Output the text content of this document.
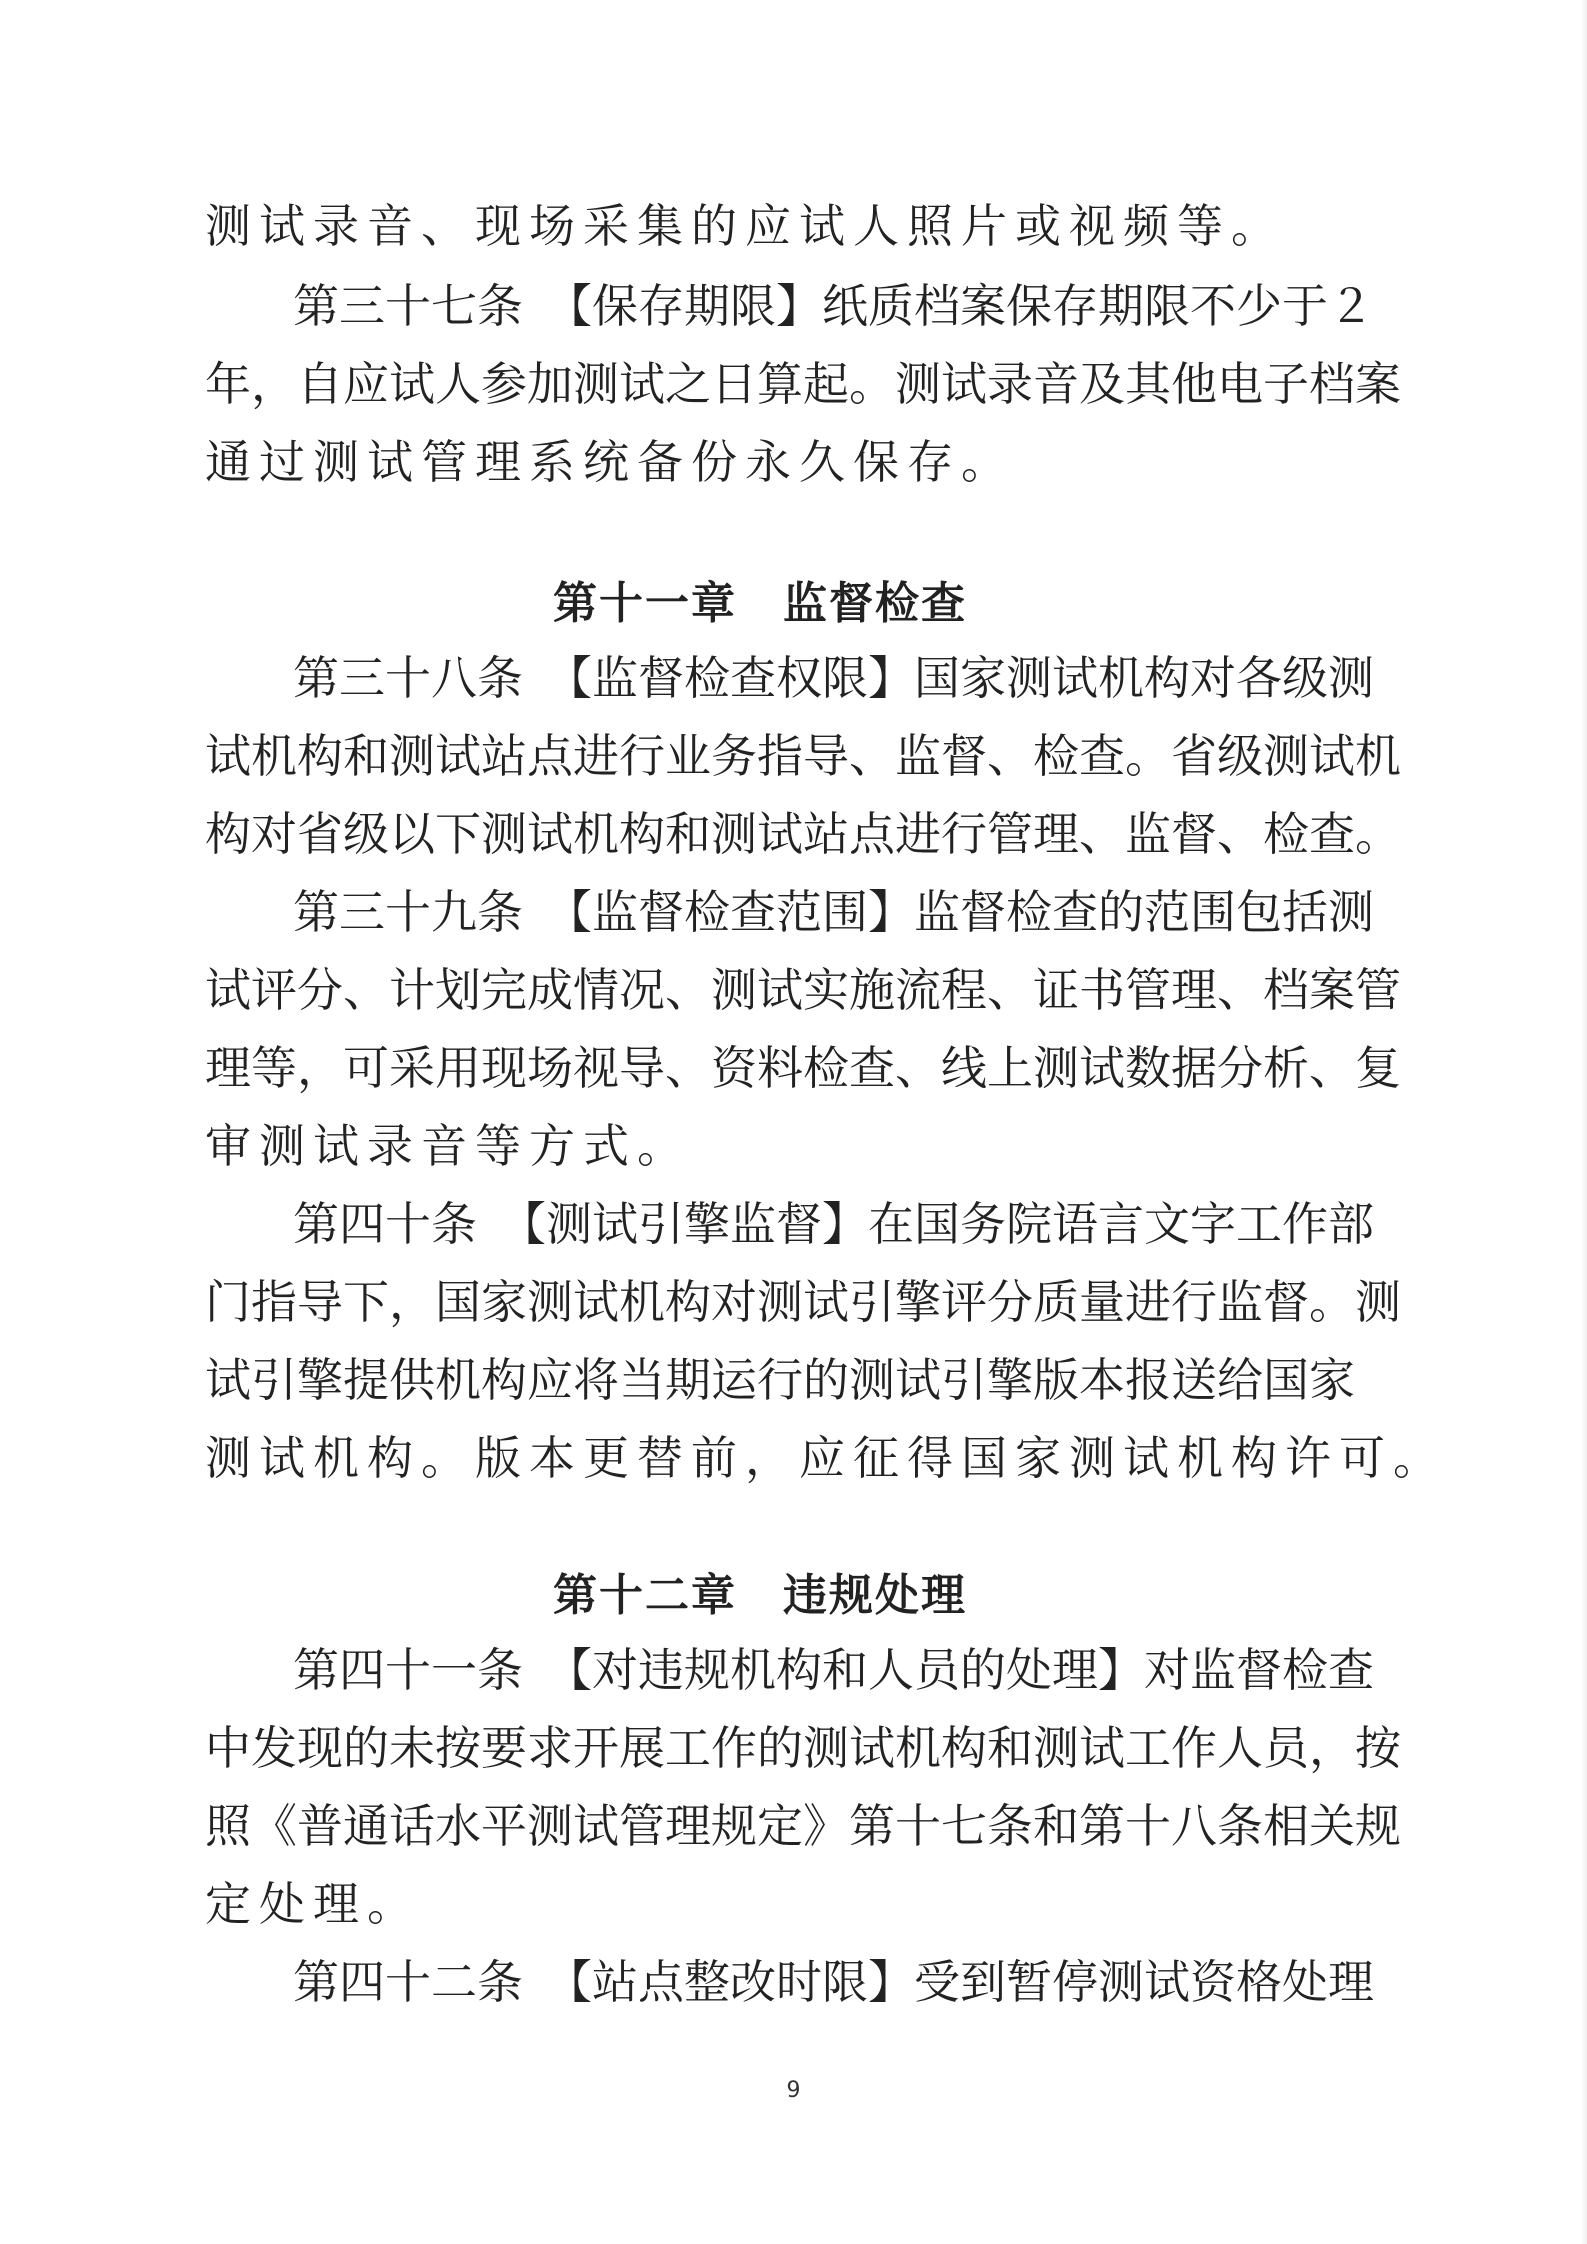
测试录音、现场采集的应试人照片或视频等。
第三十七条　【保存期限】纸质档案保存期限不少于２
年，自应试人参加测试之日算起。测试录音及其他电子档案
通过测试管理系统备份永久保存。
第十一章　监督检查
第三十八条　【监督检查权限】国家测试机构对各级测
试机构和测试站点进行业务指导、监督、检查。省级测试机
构对省级以下测试机构和测试站点进行管理、监督、检查。
第三十九条　【监督检查范围】监督检查的范围包括测
试评分、计划完成情况、测试实施流程、证书管理、档案管
理等，可采用现场视导、资料检查、线上测试数据分析、复
审测试录音等方式。
第四十条　【测试引擎监督】在国务院语言文字工作部
门指导下，国家测试机构对测试引擎评分质量进行监督。测
试引擎提供机构应将当期运行的测试引擎版本报送给国家
测试机构。版本更替前，应征得国家测试机构许可。
第十二章　违规处理
第四十一条　【对违规机构和人员的处理】对监督检查
中发现的未按要求开展工作的测试机构和测试工作人员，按
照《普通话水平测试管理规定》第十七条和第十八条相关规
定处理。
第四十二条　【站点整改时限】受到暂停测试资格处理
9
